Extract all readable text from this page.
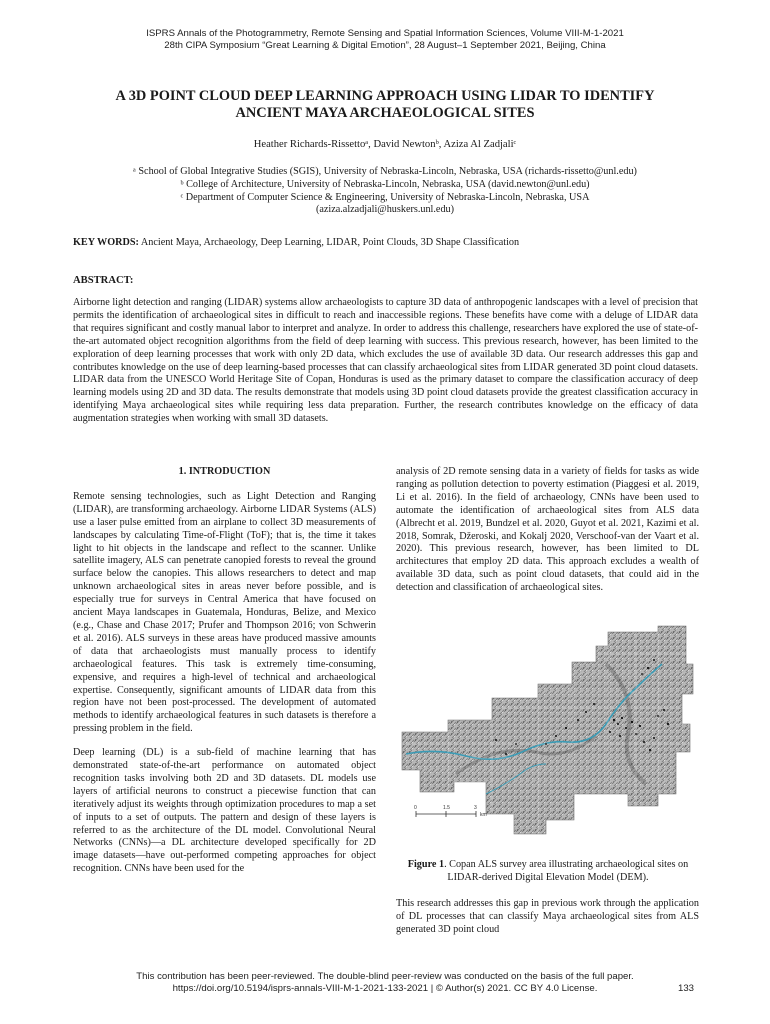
ISPRS Annals of the Photogrammetry, Remote Sensing and Spatial Information Sciences, Volume VIII-M-1-2021
28th CIPA Symposium “Great Learning & Digital Emotion”, 28 August–1 September 2021, Beijing, China
A 3D POINT CLOUD DEEP LEARNING APPROACH USING LIDAR TO IDENTIFY
ANCIENT MAYA ARCHAEOLOGICAL SITES
Heather Richards-Rissettoᵃ, David Newtonᵇ, Aziza Al Zadjaliᶜ
ᵃ School of Global Integrative Studies (SGIS), University of Nebraska-Lincoln, Nebraska, USA (richards-rissetto@unl.edu)
ᵇ College of Architecture, University of Nebraska-Lincoln, Nebraska, USA (david.newton@unl.edu)
ᶜ Department of Computer Science & Engineering, University of Nebraska-Lincoln, Nebraska, USA
(aziza.alzadjali@huskers.unl.edu)
KEY WORDS: Ancient Maya, Archaeology, Deep Learning, LIDAR, Point Clouds, 3D Shape Classification
ABSTRACT:
Airborne light detection and ranging (LIDAR) systems allow archaeologists to capture 3D data of anthropogenic landscapes with a level of precision that permits the identification of archaeological sites in difficult to reach and inaccessible regions. These benefits have come with a deluge of LIDAR data that requires significant and costly manual labor to interpret and analyze. In order to address this challenge, researchers have explored the use of state-of-the-art automated object recognition algorithms from the field of deep learning with success. This previous research, however, has been limited to the exploration of deep learning processes that work with only 2D data, which excludes the use of available 3D data. Our research addresses this gap and contributes knowledge on the use of deep learning-based processes that can classify archaeological sites from LIDAR generated 3D point cloud datasets. LIDAR data from the UNESCO World Heritage Site of Copan, Honduras is used as the primary dataset to compare the classification accuracy of deep learning models using 2D and 3D data. The results demonstrate that models using 3D point cloud datasets provide the greatest classification accuracy in identifying Maya archaeological sites while requiring less data preparation. Further, the research contributes knowledge on the efficacy of data augmentation strategies when working with small 3D datasets.
1. INTRODUCTION

Remote sensing technologies, such as Light Detection and Ranging (LIDAR), are transforming archaeology. Airborne LIDAR Systems (ALS) use a laser pulse emitted from an airplane to collect 3D measurements of landscapes by calculating Time-of-Flight (ToF); that is, the time it takes light to hit objects in the landscape and reflect to the scanner. Unlike satellite imagery, ALS can penetrate canopied forests to reveal the ground surface below the canopies. This allows researchers to detect and map unknown archaeological sites in areas never before possible, and is especially true for surveys in Central America that have focused on ancient Maya landscapes in Guatemala, Honduras, Belize, and Mexico (e.g., Chase and Chase 2017; Prufer and Thompson 2016; von Schwerin et al. 2016). ALS surveys in these areas have produced massive amounts of data that archaeologists must manually process to identify archaeological features. This task is extremely time-consuming, expensive, and requires a high-level of technical and archaeological expertise. Consequently, significant amounts of LIDAR data from this region have not been post-processed. The development of automated methods to identify archaeological features in such datasets is therefore a pressing problem in the field.

Deep learning (DL) is a sub-field of machine learning that has demonstrated state-of-the-art performance on automated object recognition tasks involving both 2D and 3D datasets. DL models use layers of artificial neurons to construct a piecewise function that can iteratively adjust its weights through optimization procedures to map a set of inputs to a set of outputs. The pattern and design of these layers is referred to as the architecture of the DL model. Convolutional Neural Networks (CNNs)—a DL architecture developed specifically for 2D image datasets—have out-performed competing approaches for object recognition. CNNs have been used for the

analysis of 2D remote sensing data in a variety of fields for tasks as wide ranging as pollution detection to poverty estimation (Piaggesi et al. 2019, Li et al. 2016). In the field of archaeology, CNNs have been used to automate the identification of archaeological sites from ALS data (Albrecht et al. 2019, Bundzel et al. 2020, Guyot et al. 2021, Kazimi et al. 2018, Somrak, Džeroski, and Kokalj 2020, Verschoof-van der Vaart et al. 2020). This previous research, however, has been limited to DL architectures that employ 2D data. This approach excludes a wealth of available 3D data, such as point cloud datasets, that could aid in the detection and classification of archaeological sites.

0	1.5	3
km
Figure 1. Copan ALS survey area illustrating archaeological sites on LIDAR-derived Digital Elevation Model (DEM).
This research addresses this gap in previous work through the application of DL processes that can classify Maya archaeological sites from ALS generated 3D point cloud
This contribution has been peer-reviewed. The double-blind peer-review was conducted on the basis of the full paper.
https://doi.org/10.5194/isprs-annals-VIII-M-1-2021-133-2021 | © Author(s) 2021. CC BY 4.0 License.	133
